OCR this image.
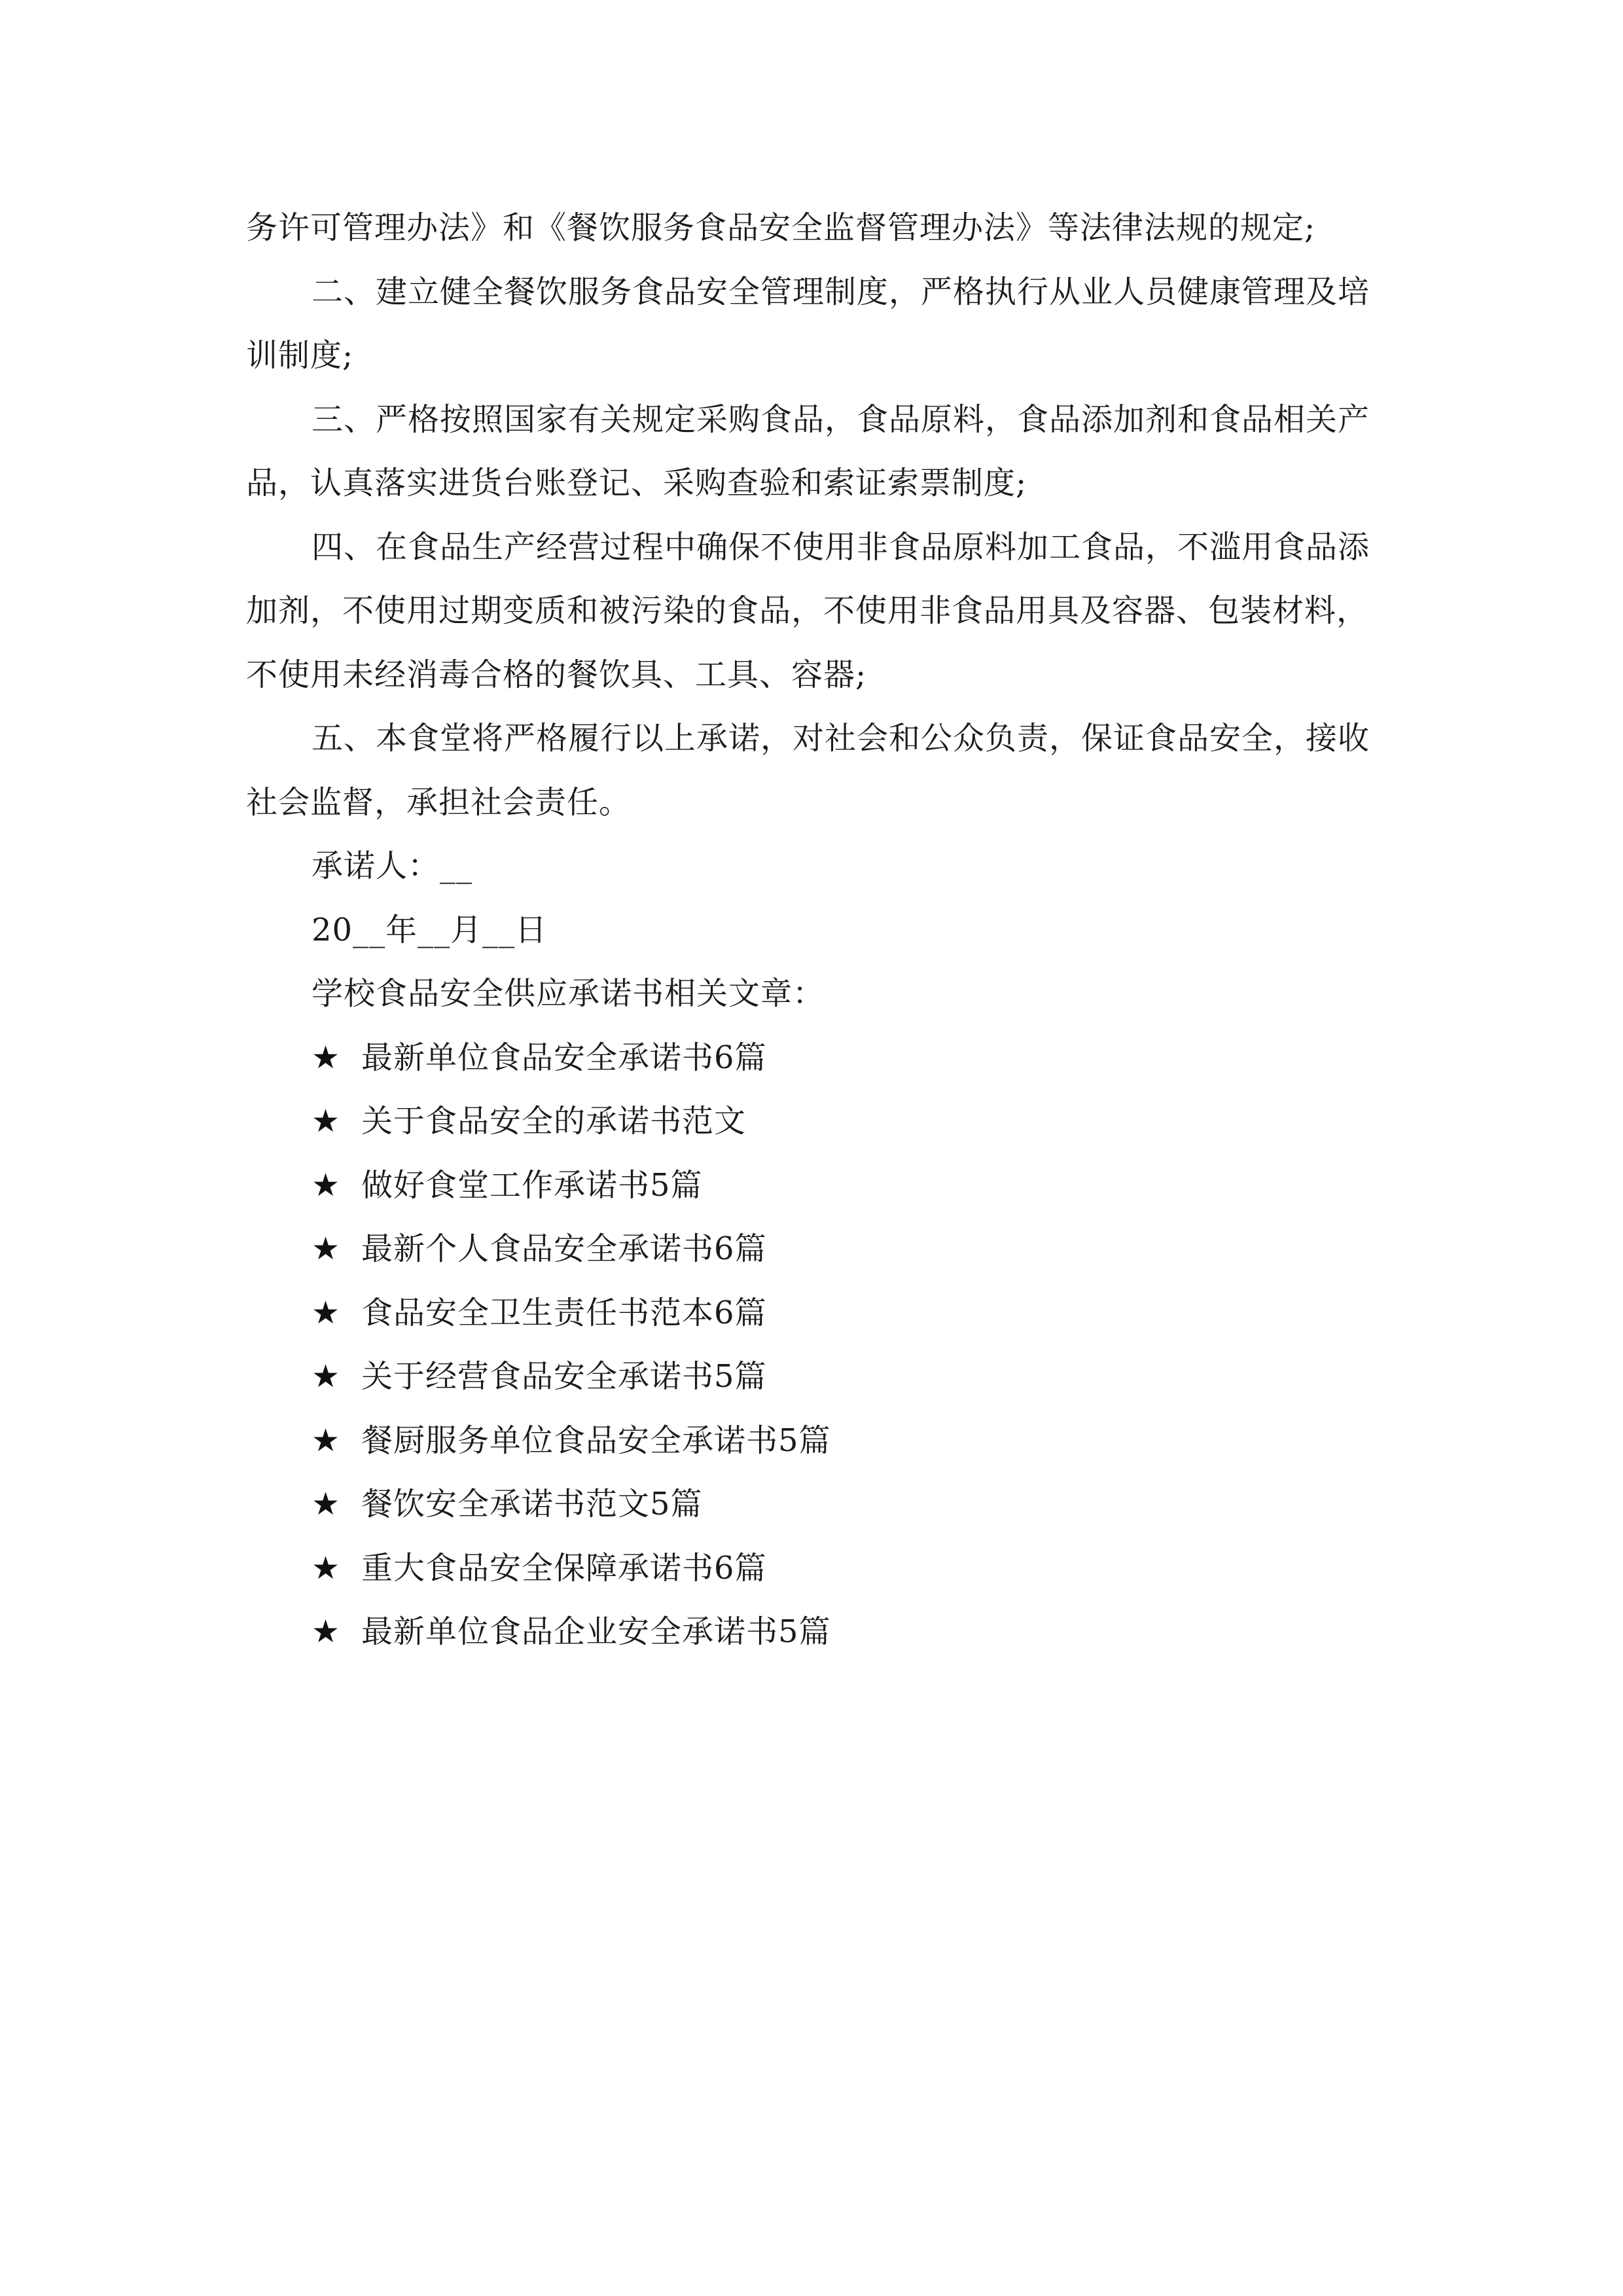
务许可管理办法》和《餐饮服务食品安全监督管理办法》等法律法规的规定;
二、建立健全餐饮服务食品安全管理制度，严格执行从业人员健康管理及培
训制度;
三、严格按照国家有关规定采购食品，食品原料，食品添加剂和食品相关产
品，认真落实进货台账登记、采购查验和索证索票制度;
四、在食品生产经营过程中确保不使用非食品原料加工食品，不滥用食品添
加剂，不使用过期变质和被污染的食品，不使用非食品用具及容器、包装材料，
不使用未经消毒合格的餐饮具、工具、容器;
五、本食堂将严格履行以上承诺，对社会和公众负责，保证食品安全，接收
社会监督，承担社会责任。
承诺人：__
20__年__月__日
学校食品安全供应承诺书相关文章：
★ 最新单位食品安全承诺书6篇
★ 关于食品安全的承诺书范文
★ 做好食堂工作承诺书5篇
★ 最新个人食品安全承诺书6篇
★ 食品安全卫生责任书范本6篇
★ 关于经营食品安全承诺书5篇
★ 餐厨服务单位食品安全承诺书5篇
★ 餐饮安全承诺书范文5篇
★ 重大食品安全保障承诺书6篇
★ 最新单位食品企业安全承诺书5篇
